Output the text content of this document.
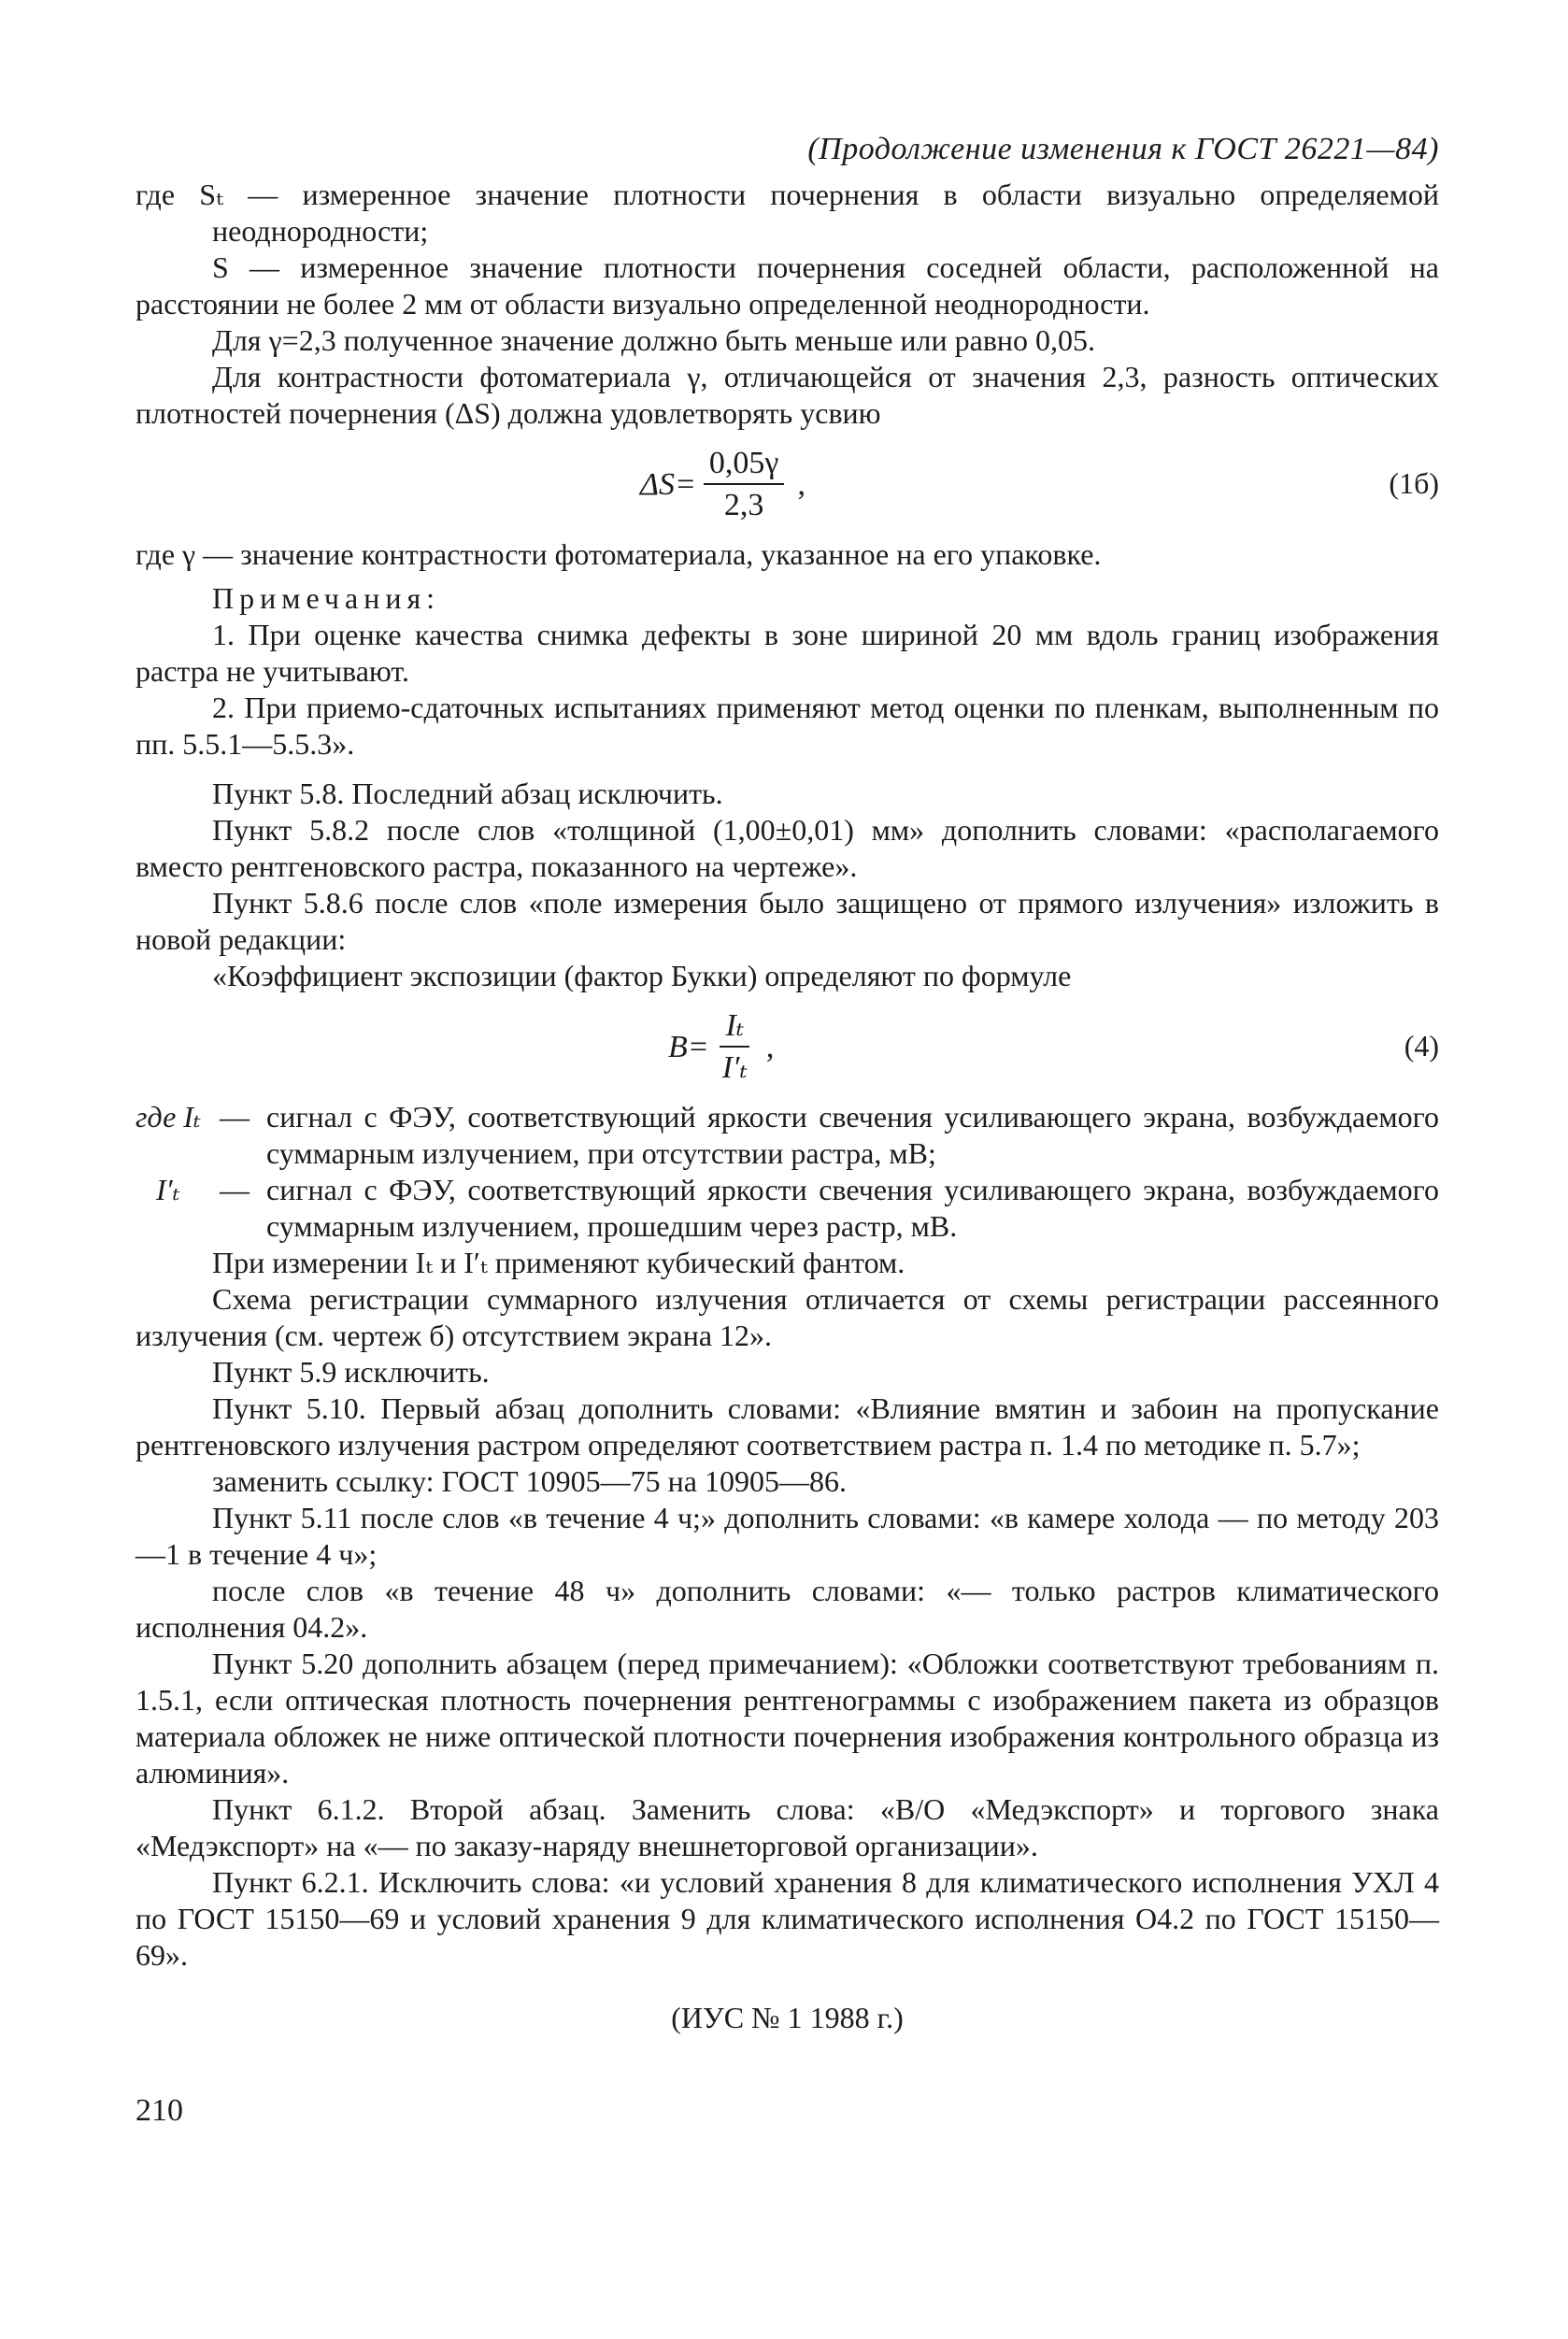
(Продолжение изменения к ГОСТ 26221—84)

где Sₜ — измеренное значение плотности почернения в области визуально определяемой неоднородности;

S — измеренное значение плотности почернения соседней области, расположенной на расстоянии не более 2 мм от области визуально определенной неоднородности.

Для γ=2,3 полученное значение должно быть меньше или равно 0,05.

Для контрастности фотоматериала γ, отличающейся от значения 2,3, разность оптических плотностей почернения (ΔS) должна удовлетворять усвию

$\Delta S= \frac{0,05\gamma}{2,3}$ ,	(1б)

где γ — значение контрастности фотоматериала, указанное на его упаковке.

Примечания:

1. При оценке качества снимка дефекты в зоне шириной 20 мм вдоль границ изображения растра не учитывают.

2. При приемо-сдаточных испытаниях применяют метод оценки по пленкам, выполненным по пп. 5.5.1—5.5.3».

Пункт 5.8. Последний абзац исключить.

Пункт 5.8.2 после слов «толщиной (1,00±0,01) мм» дополнить словами: «располагаемого вместо рентгеновского растра, показанного на чертеже».

Пункт 5.8.6 после слов «поле измерения было защищено от прямого излучения» изложить в новой редакции:

«Коэффициент экспозиции (фактор Букки) определяют по формуле

$B= \frac{\text{Iₜ}}{\text{I′ₜ}}$ ,	(4)
где Iₜ — сигнал с ФЭУ, соответствующий яркости свечения усиливающего экрана, возбуждаемого суммарным излучением, при отсутствии растра, мВ;

I′ₜ	— сигнал с ФЭУ, соответствующий яркости свечения усиливающего экрана, возбуждаемого суммарным излучением, прошедшим через растр, мВ.

При измерении Iₜ и I′ₜ применяют кубический фантом.

Схема регистрации суммарного излучения отличается от схемы регистрации рассеянного излучения (см. чертеж б) отсутствием экрана 12».

Пункт 5.9 исключить.

Пункт 5.10. Первый абзац дополнить словами: «Влияние вмятин и забоин на пропускание рентгеновского излучения растром определяют соответствием растра п. 1.4 по методике п. 5.7»;

заменить ссылку: ГОСТ 10905—75 на 10905—86.

Пункт 5.11 после слов «в течение 4 ч;» дополнить словами: «в камере холода — по методу 203—1 в течение 4 ч»;

после слов «в течение 48 ч» дополнить словами: «— только растров климатического исполнения 04.2».

Пункт 5.20 дополнить абзацем (перед примечанием): «Обложки соответствуют требованиям п. 1.5.1, если оптическая плотность почернения рентгенограммы с изображением пакета из образцов материала обложек не ниже оптической плотности почернения изображения контрольного образца из алюминия».

Пункт 6.1.2. Второй абзац. Заменить слова: «В/О «Медэкспорт» и торгового знака «Медэкспорт» на «— по заказу-наряду внешнеторговой организации».

Пункт 6.2.1. Исключить слова: «и условий хранения 8 для климатического исполнения УХЛ 4 по ГОСТ 15150—69 и условий хранения 9 для климатического исполнения О4.2 по ГОСТ 15150—69».

(ИУС № 1 1988 г.)

210
